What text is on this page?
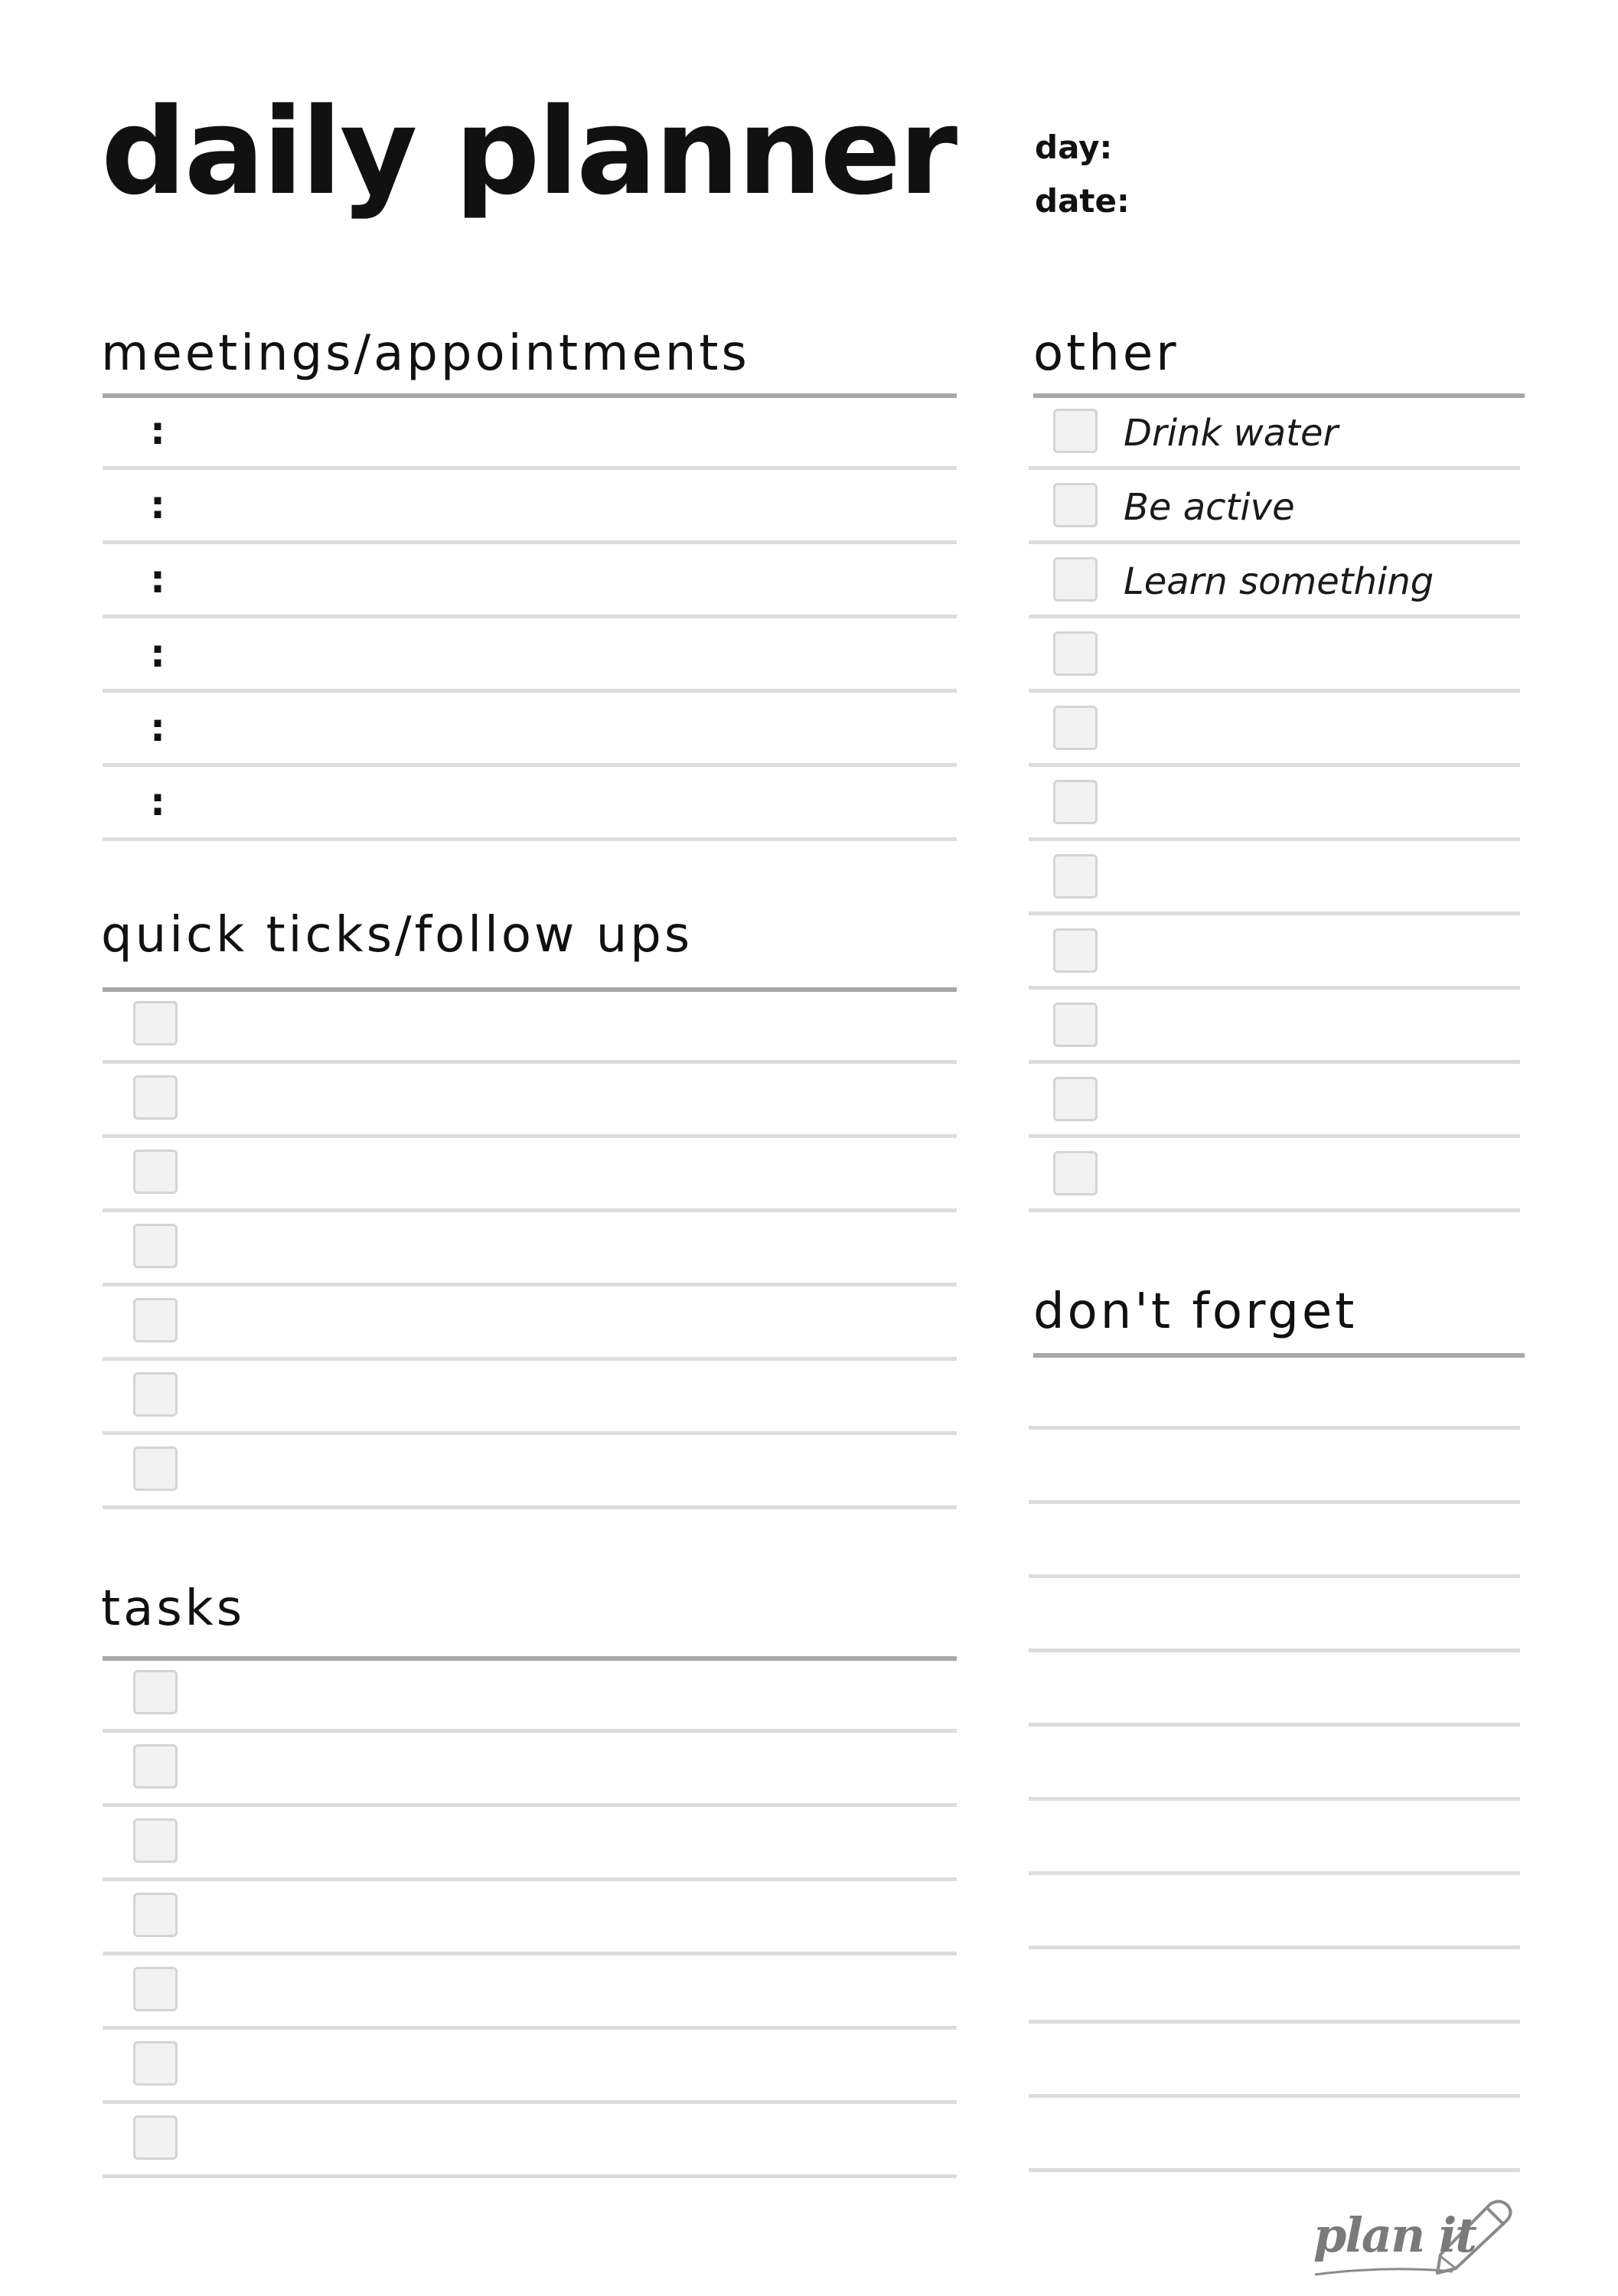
daily planner day:
date:
meetings/appointments
quick ticks/follow ups
tasks
other
don't forget
:
:
:
:
:
:
Drink water
Be active
Learn something
plan it
